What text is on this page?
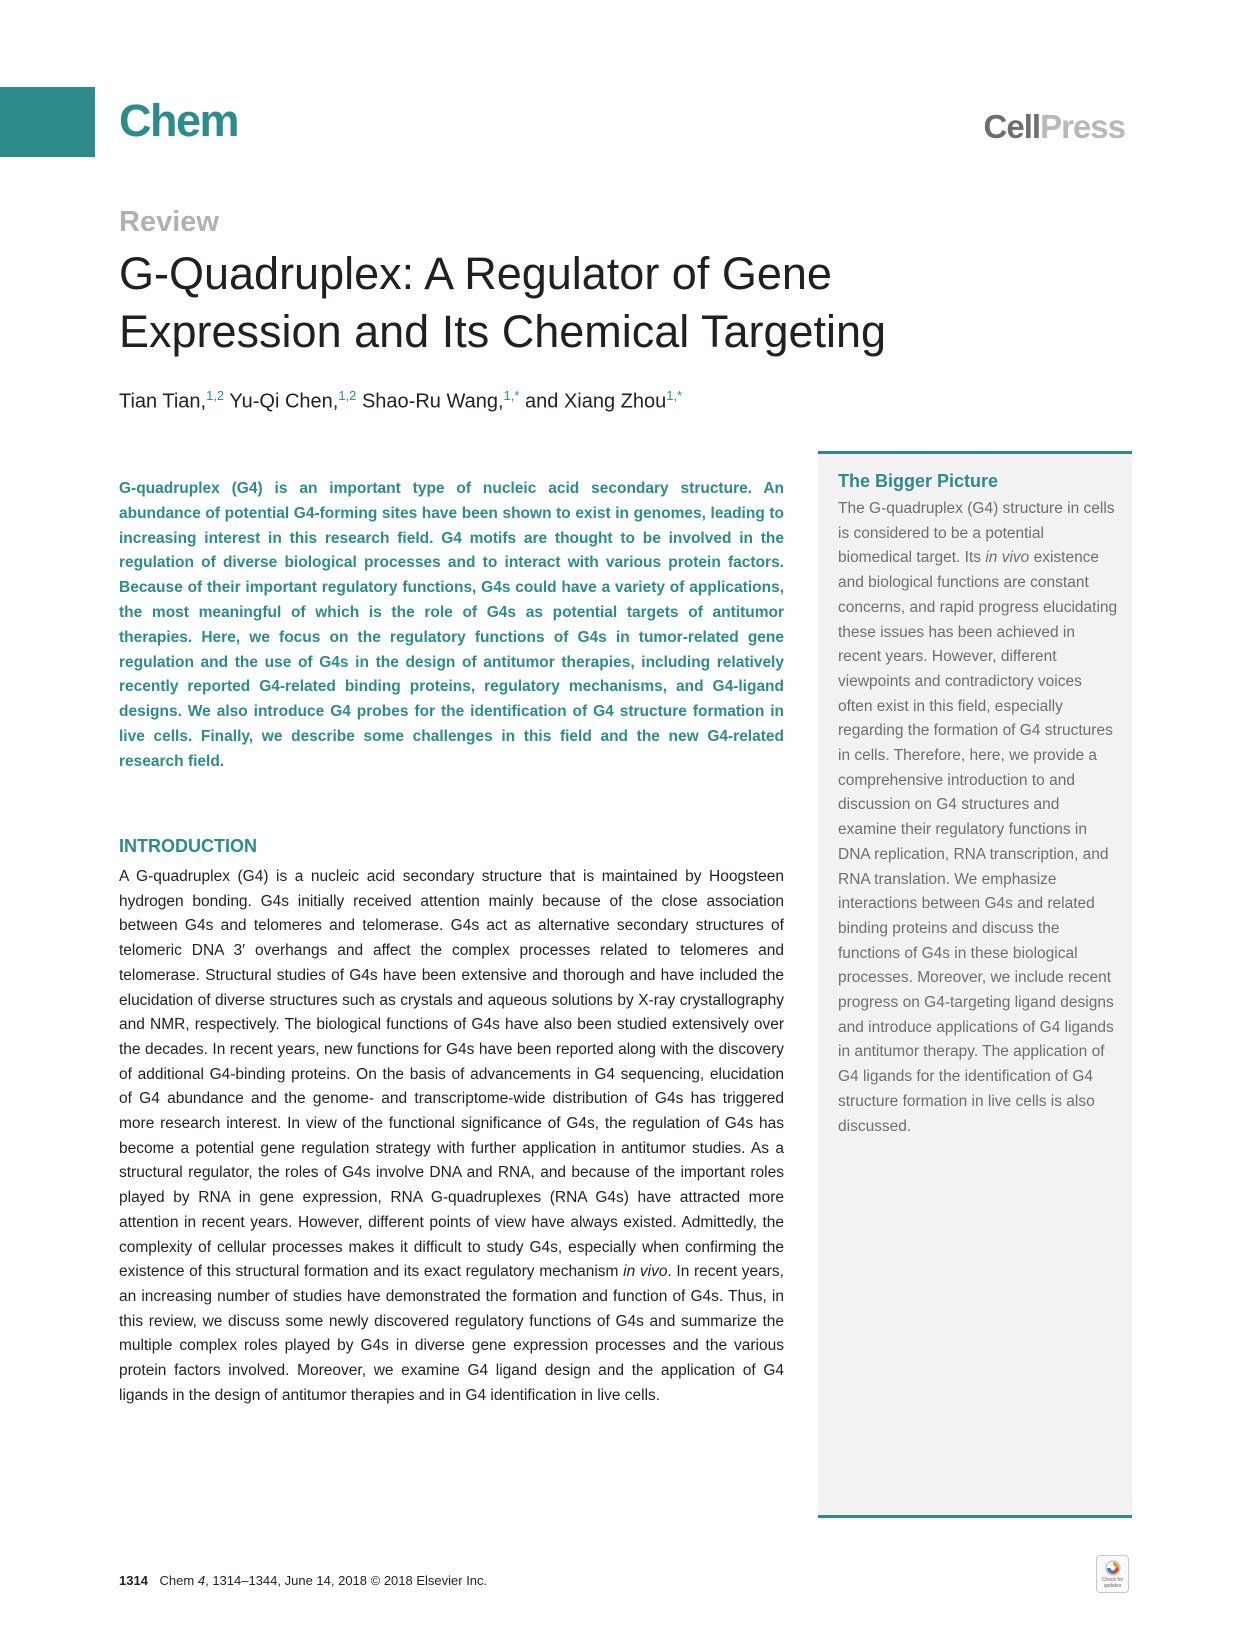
Chem	CellPress
Review
G-Quadruplex: A Regulator of Gene Expression and Its Chemical Targeting
Tian Tian,$^{1,2}$ Yu-Qi Chen,$^{1,2}$ Shao-Ru Wang,$^{1,*}$ and Xiang Zhou$^{1,*}$

G-quadruplex (G4) is an important type of nucleic acid secondary structure. An abundance of potential G4-forming sites have been shown to exist in genomes, leading to increasing interest in this research field. G4 motifs are thought to be involved in the regulation of diverse biological processes and to interact with various protein factors. Because of their important regulatory functions, G4s could have a variety of applications, the most meaningful of which is the role of G4s as potential targets of antitumor therapies. Here, we focus on the regulatory functions of G4s in tumor-related gene regulation and the use of G4s in the design of antitumor therapies, including relatively recently reported G4-related binding proteins, regulatory mechanisms, and G4-ligand designs. We also introduce G4 probes for the identification of G4 structure formation in live cells. Finally, we describe some challenges in this field and the new G4-related research field.

INTRODUCTION

A G-quadruplex (G4) is a nucleic acid secondary structure that is maintained by Hoogsteen hydrogen bonding. G4s initially received attention mainly because of the close association between G4s and telomeres and telomerase. G4s act as alternative secondary structures of telomeric DNA 3′ overhangs and affect the complex processes related to telomeres and telomerase. Structural studies of G4s have been extensive and thorough and have included the elucidation of diverse structures such as crystals and aqueous solutions by X-ray crystallography and NMR, respectively. The biological functions of G4s have also been studied extensively over the decades. In recent years, new functions for G4s have been reported along with the discovery of additional G4-binding proteins. On the basis of advancements in G4 sequencing, elucidation of G4 abundance and the genome- and transcriptome-wide distribution of G4s has triggered more research interest. In view of the functional significance of G4s, the regulation of G4s has become a potential gene regulation strategy with further application in antitumor studies. As a structural regulator, the roles of G4s involve DNA and RNA, and because of the important roles played by RNA in gene expression, RNA G-quadruplexes (RNA G4s) have attracted more attention in recent years. However, different points of view have always existed. Admittedly, the complexity of cellular processes makes it difficult to study G4s, especially when confirming the existence of this structural formation and its exact regulatory mechanism in vivo. In recent years, an increasing number of studies have demonstrated the formation and function of G4s. Thus, in this review, we discuss some newly discovered regulatory functions of G4s and summarize the multiple complex roles played by G4s in diverse gene expression processes and the various protein factors involved. Moreover, we examine G4 ligand design and the application of G4 ligands in the design of antitumor therapies and in G4 identification in live cells.

The Bigger Picture

The G-quadruplex (G4) structure in cells is considered to be a potential biomedical target. Its in vivo existence and biological functions are constant concerns, and rapid progress elucidating these issues has been achieved in recent years. However, different viewpoints and contradictory voices often exist in this field, especially regarding the formation of G4 structures in cells. Therefore, here, we provide a comprehensive introduction to and discussion on G4 structures and examine their regulatory functions in DNA replication, RNA transcription, and RNA translation. We emphasize interactions between G4s and related binding proteins and discuss the functions of G4s in these biological processes. Moreover, we include recent progress on G4-targeting ligand designs and introduce applications of G4 ligands in antitumor therapy. The application of G4 ligands for the identification of G4 structure formation in live cells is also discussed.

1314 Chem 4, 1314–1344, June 14, 2018 © 2018 Elsevier Inc.	Check for
updates
